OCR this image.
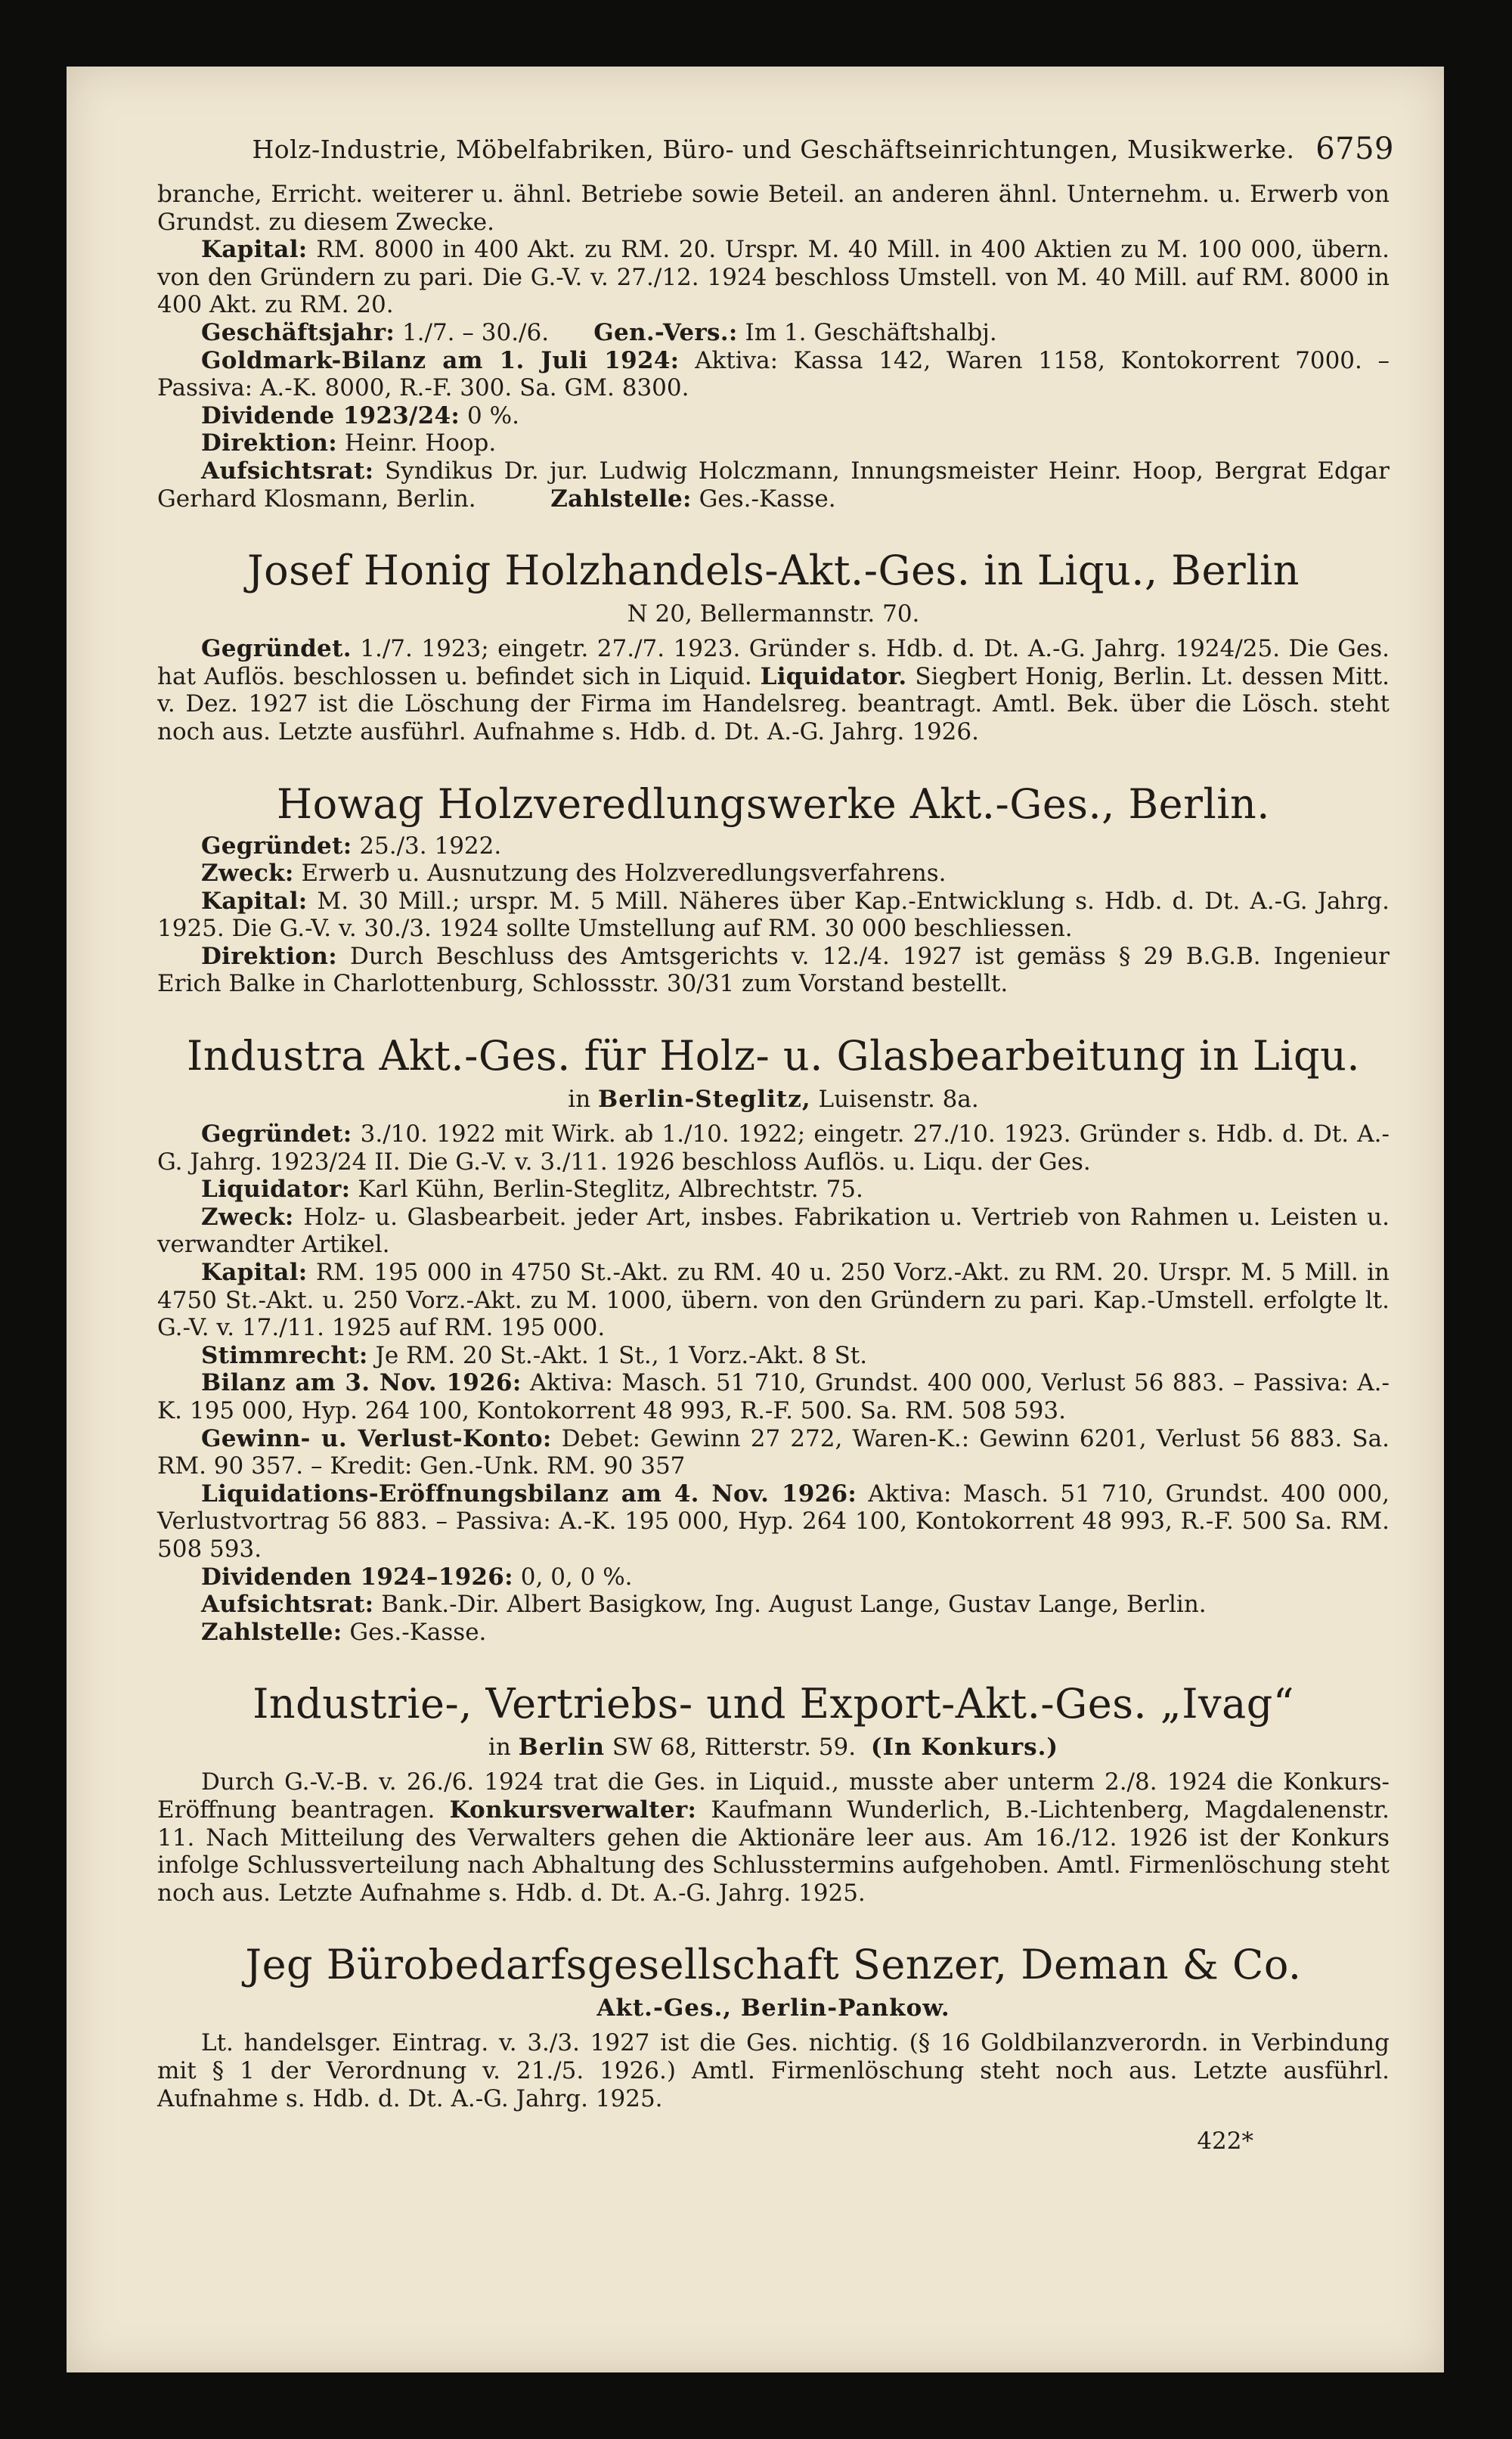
Holz-Industrie, Möbelfabriken, Büro- und Geschäftseinrichtungen, Musikwerke. 6759

branche, Erricht. weiterer u. ähnl. Betriebe sowie Beteil. an anderen ähnl. Unternehm. u. Erwerb von Grundst. zu diesem Zwecke.

Kapital: RM. 8000 in 400 Akt. zu RM. 20. Urspr. M. 40 Mill. in 400 Aktien zu M. 100 000, übern. von den Gründern zu pari. Die G.-V. v. 27./12. 1924 beschloss Umstell. von M. 40 Mill. auf RM. 8000 in 400 Akt. zu RM. 20.

Geschäftsjahr: 1./7. – 30./6. Gen.-Vers.: Im 1. Geschäftshalbj.

Goldmark-Bilanz am 1. Juli 1924: Aktiva: Kassa 142, Waren 1158, Kontokorrent 7000. – Passiva: A.-K. 8000, R.-F. 300. Sa. GM. 8300.

Dividende 1923/24: 0 %.

Direktion: Heinr. Hoop.

Aufsichtsrat: Syndikus Dr. jur. Ludwig Holczmann, Innungsmeister Heinr. Hoop, Bergrat Edgar Gerhard Klosmann, Berlin.	Zahlstelle: Ges.-Kasse.

Josef Honig Holzhandels-Akt.-Ges. in Liqu., Berlin
N 20, Bellermannstr. 70.

Gegründet. 1./7. 1923; eingetr. 27./7. 1923. Gründer s. Hdb. d. Dt. A.-G. Jahrg. 1924/25. Die Ges. hat Auflös. beschlossen u. befindet sich in Liquid. Liquidator. Siegbert Honig, Berlin. Lt. dessen Mitt. v. Dez. 1927 ist die Löschung der Firma im Handelsreg. beantragt. Amtl. Bek. über die Lösch. steht noch aus. Letzte ausführl. Aufnahme s. Hdb. d. Dt. A.-G. Jahrg. 1926.

Howag Holzveredlungswerke Akt.-Ges., Berlin.

Gegründet: 25./3. 1922.

Zweck: Erwerb u. Ausnutzung des Holzveredlungsverfahrens.

Kapital: M. 30 Mill.; urspr. M. 5 Mill. Näheres über Kap.-Entwicklung s. Hdb. d. Dt. A.-G. Jahrg. 1925. Die G.-V. v. 30./3. 1924 sollte Umstellung auf RM. 30 000 beschliessen.

Direktion: Durch Beschluss des Amtsgerichts v. 12./4. 1927 ist gemäss § 29 B.G.B. Ingenieur Erich Balke in Charlottenburg, Schlossstr. 30/31 zum Vorstand bestellt.

Industra Akt.-Ges. für Holz- u. Glasbearbeitung in Liqu.
in Berlin-Steglitz, Luisenstr. 8a.

Gegründet: 3./10. 1922 mit Wirk. ab 1./10. 1922; eingetr. 27./10. 1923. Gründer s. Hdb. d. Dt. A.-G. Jahrg. 1923/24 II. Die G.-V. v. 3./11. 1926 beschloss Auflös. u. Liqu. der Ges.

Liquidator: Karl Kühn, Berlin-Steglitz, Albrechtstr. 75.

Zweck: Holz- u. Glasbearbeit. jeder Art, insbes. Fabrikation u. Vertrieb von Rahmen u. Leisten u. verwandter Artikel.

Kapital: RM. 195 000 in 4750 St.-Akt. zu RM. 40 u. 250 Vorz.-Akt. zu RM. 20. Urspr. M. 5 Mill. in 4750 St.-Akt. u. 250 Vorz.-Akt. zu M. 1000, übern. von den Gründern zu pari. Kap.-Umstell. erfolgte lt. G.-V. v. 17./11. 1925 auf RM. 195 000.

Stimmrecht: Je RM. 20 St.-Akt. 1 St., 1 Vorz.-Akt. 8 St.

Bilanz am 3. Nov. 1926: Aktiva: Masch. 51 710, Grundst. 400 000, Verlust 56 883. – Passiva: A.-K. 195 000, Hyp. 264 100, Kontokorrent 48 993, R.-F. 500. Sa. RM. 508 593.

Gewinn- u. Verlust-Konto: Debet: Gewinn 27 272, Waren-K.: Gewinn 6201, Verlust 56 883. Sa. RM. 90 357. – Kredit: Gen.-Unk. RM. 90 357

Liquidations-Eröffnungsbilanz am 4. Nov. 1926: Aktiva: Masch. 51 710, Grundst. 400 000, Verlustvortrag 56 883. – Passiva: A.-K. 195 000, Hyp. 264 100, Kontokorrent 48 993, R.-F. 500 Sa. RM. 508 593.

Dividenden 1924–1926: 0, 0, 0 %.

Aufsichtsrat: Bank.-Dir. Albert Basigkow, Ing. August Lange, Gustav Lange, Berlin.

Zahlstelle: Ges.-Kasse.

Industrie-, Vertriebs- und Export-Akt.-Ges. „Ivag“
in Berlin SW 68, Ritterstr. 59. (In Konkurs.)

Durch G.-V.-B. v. 26./6. 1924 trat die Ges. in Liquid., musste aber unterm 2./8. 1924 die Konkurs-Eröffnung beantragen. Konkursverwalter: Kaufmann Wunderlich, B.-Lichtenberg, Magdalenenstr. 11. Nach Mitteilung des Verwalters gehen die Aktionäre leer aus. Am 16./12. 1926 ist der Konkurs infolge Schlussverteilung nach Abhaltung des Schlusstermins aufgehoben. Amtl. Firmenlöschung steht noch aus. Letzte Aufnahme s. Hdb. d. Dt. A.-G. Jahrg. 1925.

Jeg Bürobedarfsgesellschaft Senzer, Deman & Co.
Akt.-Ges., Berlin-Pankow.

Lt. handelsger. Eintrag. v. 3./3. 1927 ist die Ges. nichtig. (§ 16 Goldbilanzverordn. in Verbindung mit § 1 der Verordnung v. 21./5. 1926.) Amtl. Firmenlöschung steht noch aus. Letzte ausführl. Aufnahme s. Hdb. d. Dt. A.-G. Jahrg. 1925.

422*
